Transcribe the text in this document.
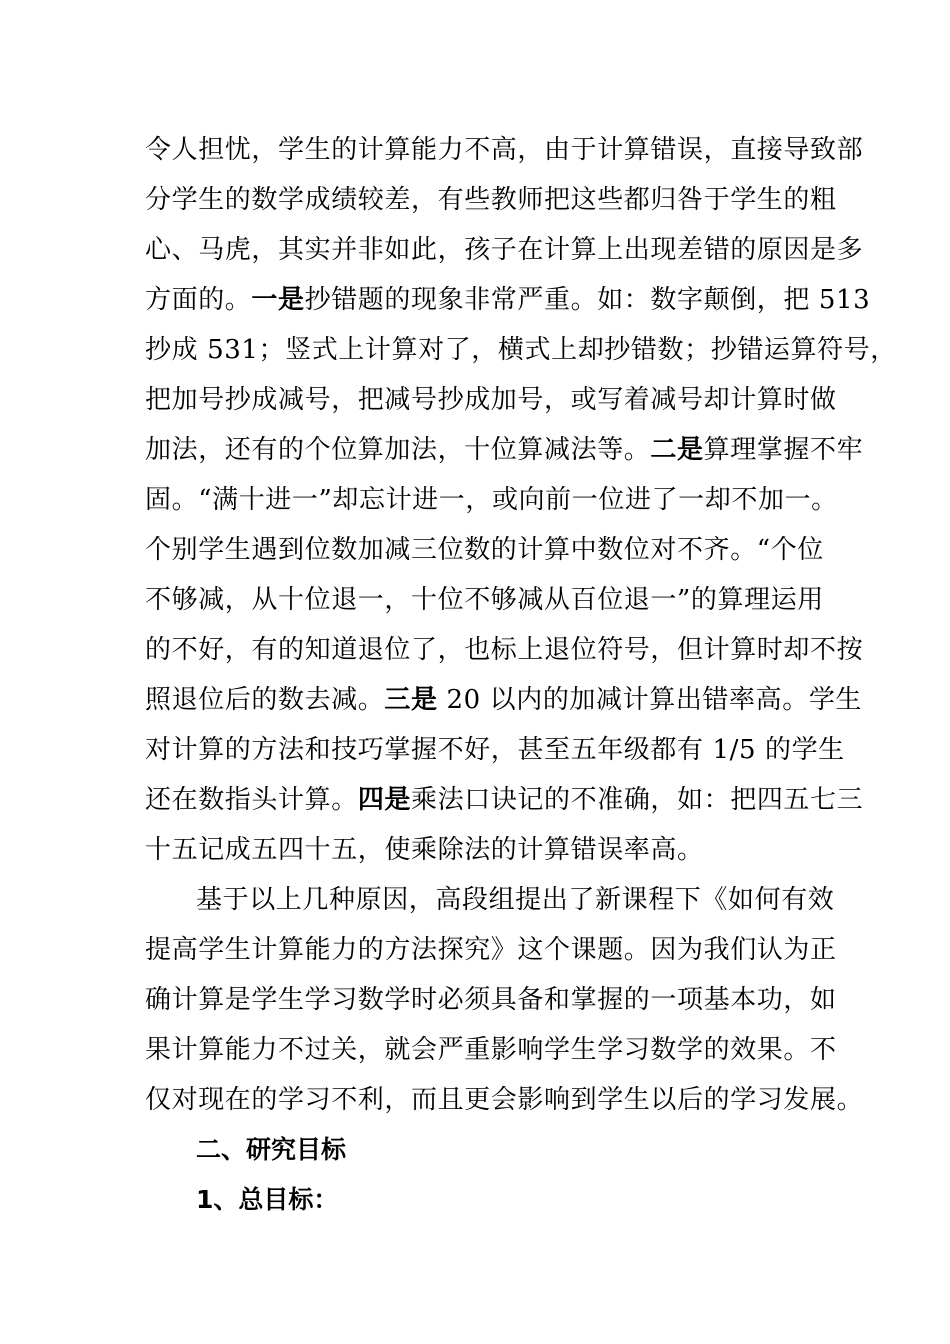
令人担忧，学生的计算能力不高，由于计算错误，直接导致部
分学生的数学成绩较差，有些教师把这些都归咎于学生的粗
心、马虎，其实并非如此，孩子在计算上出现差错的原因是多
方面的。一是抄错题的现象非常严重。如：数字颠倒，把 513
抄成 531；竖式上计算对了，横式上却抄错数；抄错运算符号，
把加号抄成减号，把减号抄成加号，或写着减号却计算时做
加法，还有的个位算加法，十位算减法等。二是算理掌握不牢
固。“满十进一”却忘计进一，或向前一位进了一却不加一。
个别学生遇到位数加减三位数的计算中数位对不齐。“个位
不够减，从十位退一，十位不够减从百位退一”的算理运用
的不好，有的知道退位了，也标上退位符号，但计算时却不按
照退位后的数去减。三是 20 以内的加减计算出错率高。学生
对计算的方法和技巧掌握不好，甚至五年级都有 1/5 的学生
还在数指头计算。四是乘法口诀记的不准确，如：把四五七三
十五记成五四十五，使乘除法的计算错误率高。
基于以上几种原因，高段组提出了新课程下《如何有效
提高学生计算能力的方法探究》这个课题。因为我们认为正
确计算是学生学习数学时必须具备和掌握的一项基本功，如
果计算能力不过关，就会严重影响学生学习数学的效果。不
仅对现在的学习不利，而且更会影响到学生以后的学习发展。
二、研究目标
1、总目标：
